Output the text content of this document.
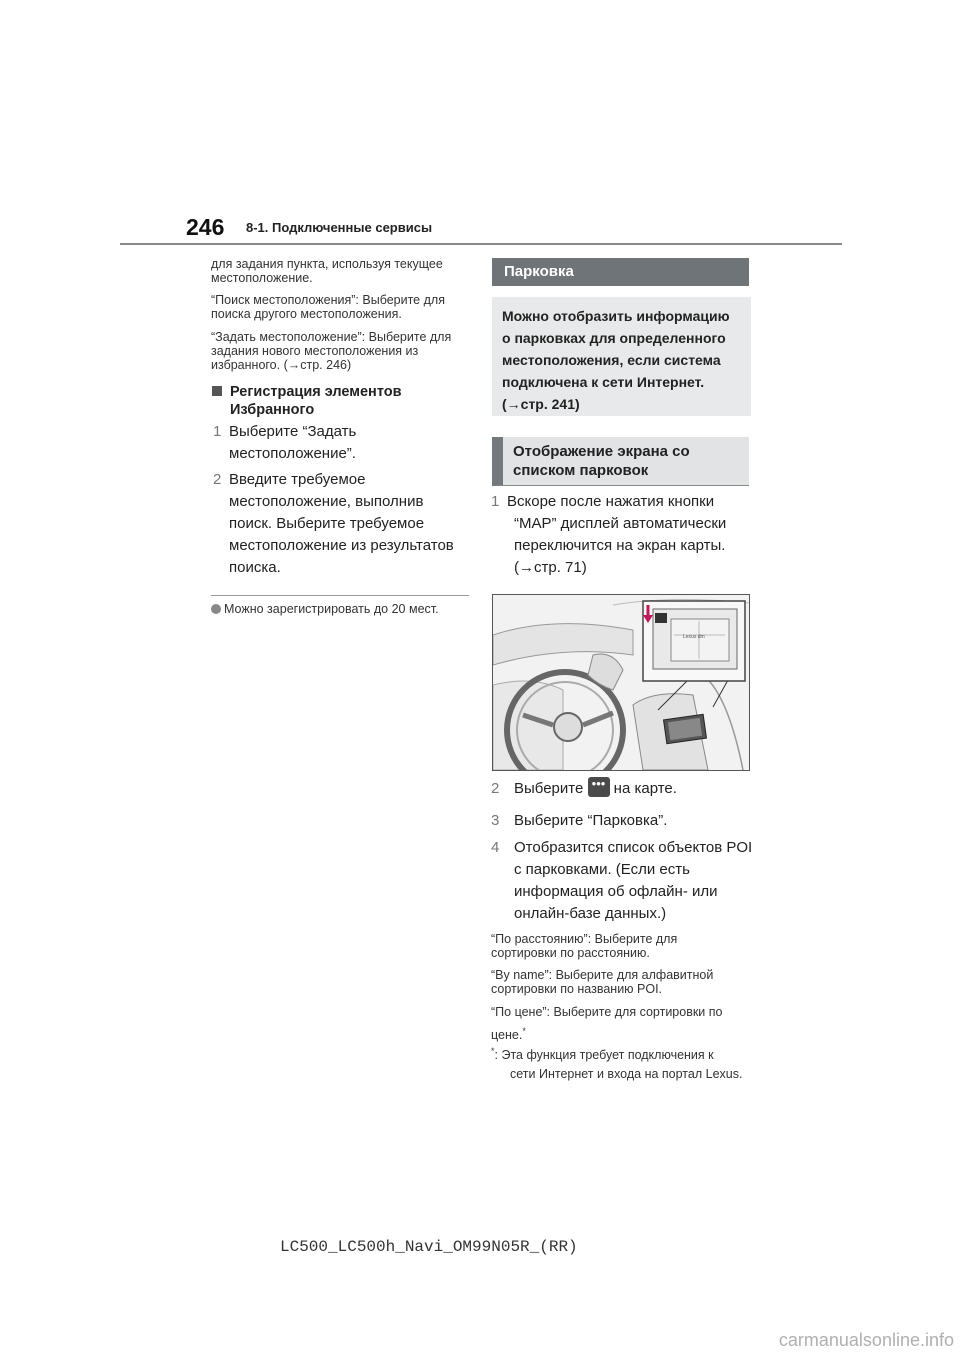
246 8-1. Подключенные сервисы
для задания пункта, используя текущее местоположение.
“Поиск местоположения”: Выберите для поиска другого местоположения.
“Задать местоположение”: Выберите для задания нового местоположения из избранного. (→стр. 246)
Регистрация элементов
Избранного
1 Выберите “Задать
местоположение”.
2 Введите требуемое
местоположение, выполнив
поиск. Выберите требуемое
местоположение из результатов
поиска.
Можно зарегистрировать до 20 мест.
Парковка
Можно отобразить информацию
о парковках для определенного
местоположения, если система
подключена к сети Интернет.
(→стр. 241)
Отображение экрана со
списком парковок
1 Вскоре после нажатия кнопки
“MAP” дисплей автоматически
переключится на экран карты.
(→стр. 71)
Lexus dm
2 Выберите ••• на карте.
3 Выберите “Парковка”.
4 Отобразится список объектов POI
с парковками. (Если есть
информация об офлайн- или
онлайн-базе данных.)
“По расстоянию”: Выберите для
сортировки по расстоянию.
“By name”: Выберите для алфавитной
сортировки по названию POI.
“По цене”: Выберите для сортировки по
цене.*
*: Эта функция требует подключения к
сети Интернет и входа на портал Lexus.
LC500_LC500h_Navi_OM99N05R_(RR)
carmanualsonline.info
